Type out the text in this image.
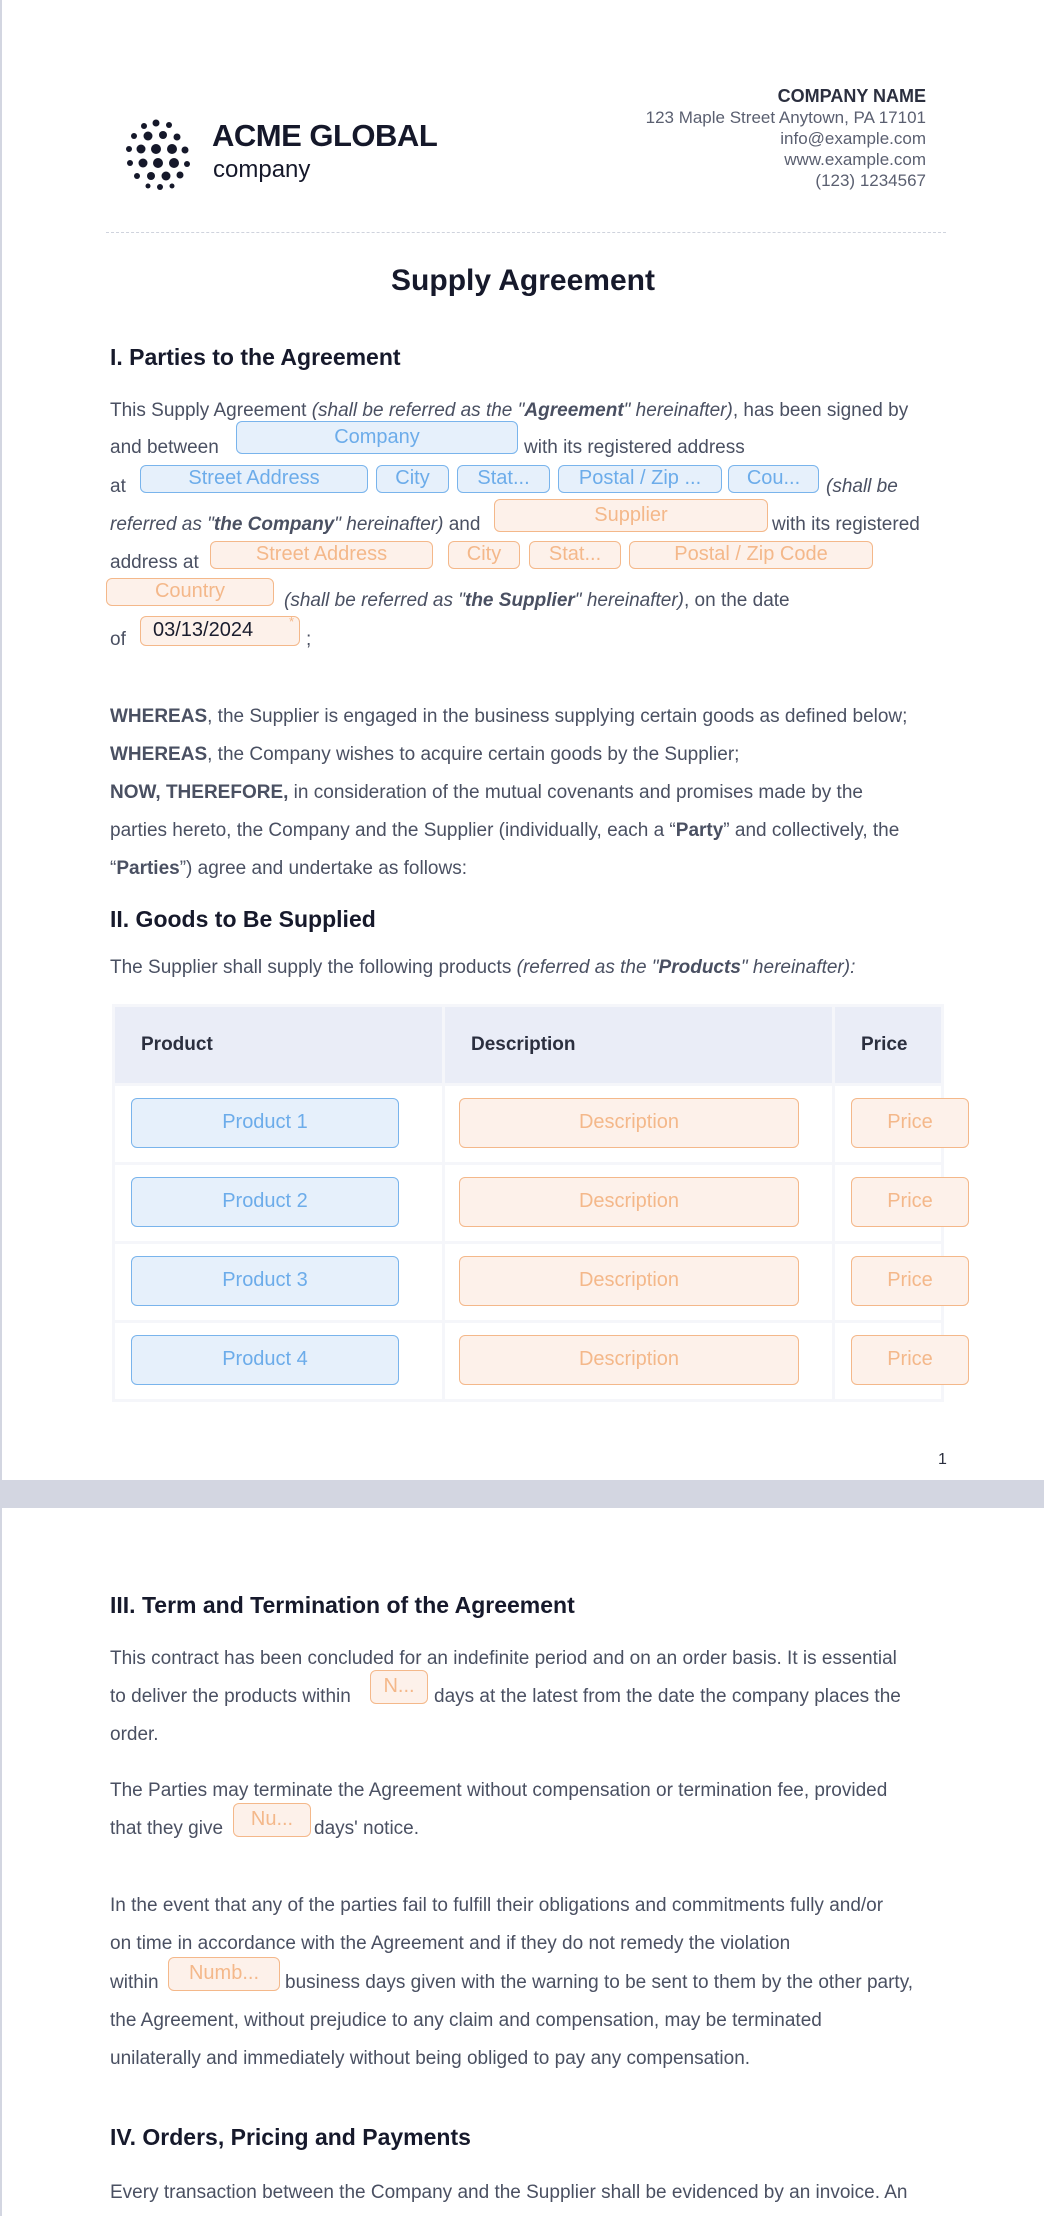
ACME GLOBAL
company
COMPANY NAME
123 Maple Street Anytown, PA 17101
info@example.com
www.example.com
(123) 1234567
Supply Agreement
I. Parties to the Agreement
This Supply Agreement (shall be referred as the "Agreement" hereinafter), has been signed by
and between	Company	with its registered address
at	Street Address	City	Stat...	Postal / Zip ...	Cou...	(shall be
referred as "the Company" hereinafter) and	Supplier	with its registered
address at	Street Address	City	Stat...	Postal / Zip Code
Country	(shall be referred as "the Supplier" hereinafter), on the date
of	03/13/2024	*
;
WHEREAS, the Supplier is engaged in the business supplying certain goods as defined below;
WHEREAS, the Company wishes to acquire certain goods by the Supplier;
NOW, THEREFORE, in consideration of the mutual covenants and promises made by the
parties hereto, the Company and the Supplier (individually, each a “Party” and collectively, the
“Parties”) agree and undertake as follows:
II. Goods to Be Supplied
The Supplier shall supply the following products (referred as the "Products" hereinafter):
Product	Description	Price

Product 1	Description	Price

Product 2	Description	Price

Product 3	Description	Price

Product 4	Description	Price
1
III. Term and Termination of the Agreement
This contract has been concluded for an indefinite period and on an order basis. It is essential
to deliver the products within	N...	days at the latest from the date the company places the
order.
The Parties may terminate the Agreement without compensation or termination fee, provided
that they give	Nu...	days' notice.
In the event that any of the parties fail to fulfill their obligations and commitments fully and/or
on time in accordance with the Agreement and if they do not remedy the violation
within	Numb...	business days given with the warning to be sent to them by the other party,
the Agreement, without prejudice to any claim and compensation, may be terminated
unilaterally and immediately without being obliged to pay any compensation.
IV. Orders, Pricing and Payments
Every transaction between the Company and the Supplier shall be evidenced by an invoice. An
